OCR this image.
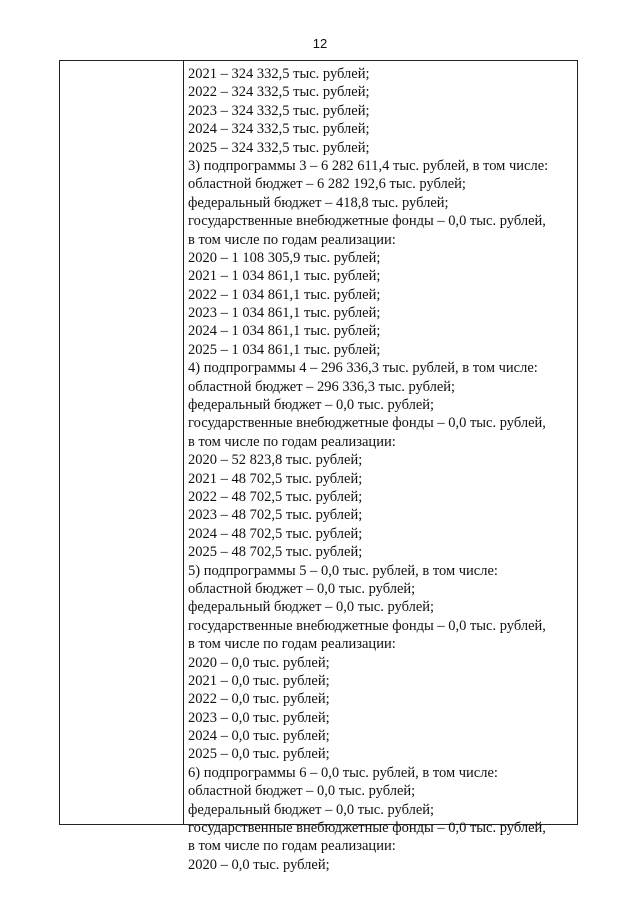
12
2021 – 324 332,5 тыс. рублей;
2022 – 324 332,5 тыс. рублей;
2023 – 324 332,5 тыс. рублей;
2024 – 324 332,5 тыс. рублей;
2025 – 324 332,5 тыс. рублей;
3) подпрограммы 3 – 6 282 611,4 тыс. рублей, в том числе:
областной бюджет – 6 282 192,6 тыс. рублей;
федеральный бюджет – 418,8 тыс. рублей;
государственные внебюджетные фонды – 0,0 тыс. рублей,
в том числе по годам реализации:
2020 – 1 108 305,9 тыс. рублей;
2021 – 1 034 861,1 тыс. рублей;
2022 – 1 034 861,1 тыс. рублей;
2023 – 1 034 861,1 тыс. рублей;
2024 – 1 034 861,1 тыс. рублей;
2025 – 1 034 861,1 тыс. рублей;
4) подпрограммы 4 – 296 336,3 тыс. рублей, в том числе:
областной бюджет – 296 336,3 тыс. рублей;
федеральный бюджет – 0,0 тыс. рублей;
государственные внебюджетные фонды – 0,0 тыс. рублей,
в том числе по годам реализации:
2020 – 52 823,8 тыс. рублей;
2021 – 48 702,5 тыс. рублей;
2022 – 48 702,5 тыс. рублей;
2023 – 48 702,5 тыс. рублей;
2024 – 48 702,5 тыс. рублей;
2025 – 48 702,5 тыс. рублей;
5) подпрограммы 5 – 0,0 тыс. рублей, в том числе:
областной бюджет – 0,0 тыс. рублей;
федеральный бюджет – 0,0 тыс. рублей;
государственные внебюджетные фонды – 0,0 тыс. рублей,
в том числе по годам реализации:
2020 – 0,0 тыс. рублей;
2021 – 0,0 тыс. рублей;
2022 – 0,0 тыс. рублей;
2023 – 0,0 тыс. рублей;
2024 – 0,0 тыс. рублей;
2025 – 0,0 тыс. рублей;
6) подпрограммы 6 – 0,0 тыс. рублей, в том числе:
областной бюджет – 0,0 тыс. рублей;
федеральный бюджет – 0,0 тыс. рублей;
государственные внебюджетные фонды – 0,0 тыс. рублей,
в том числе по годам реализации:
2020 – 0,0 тыс. рублей;
